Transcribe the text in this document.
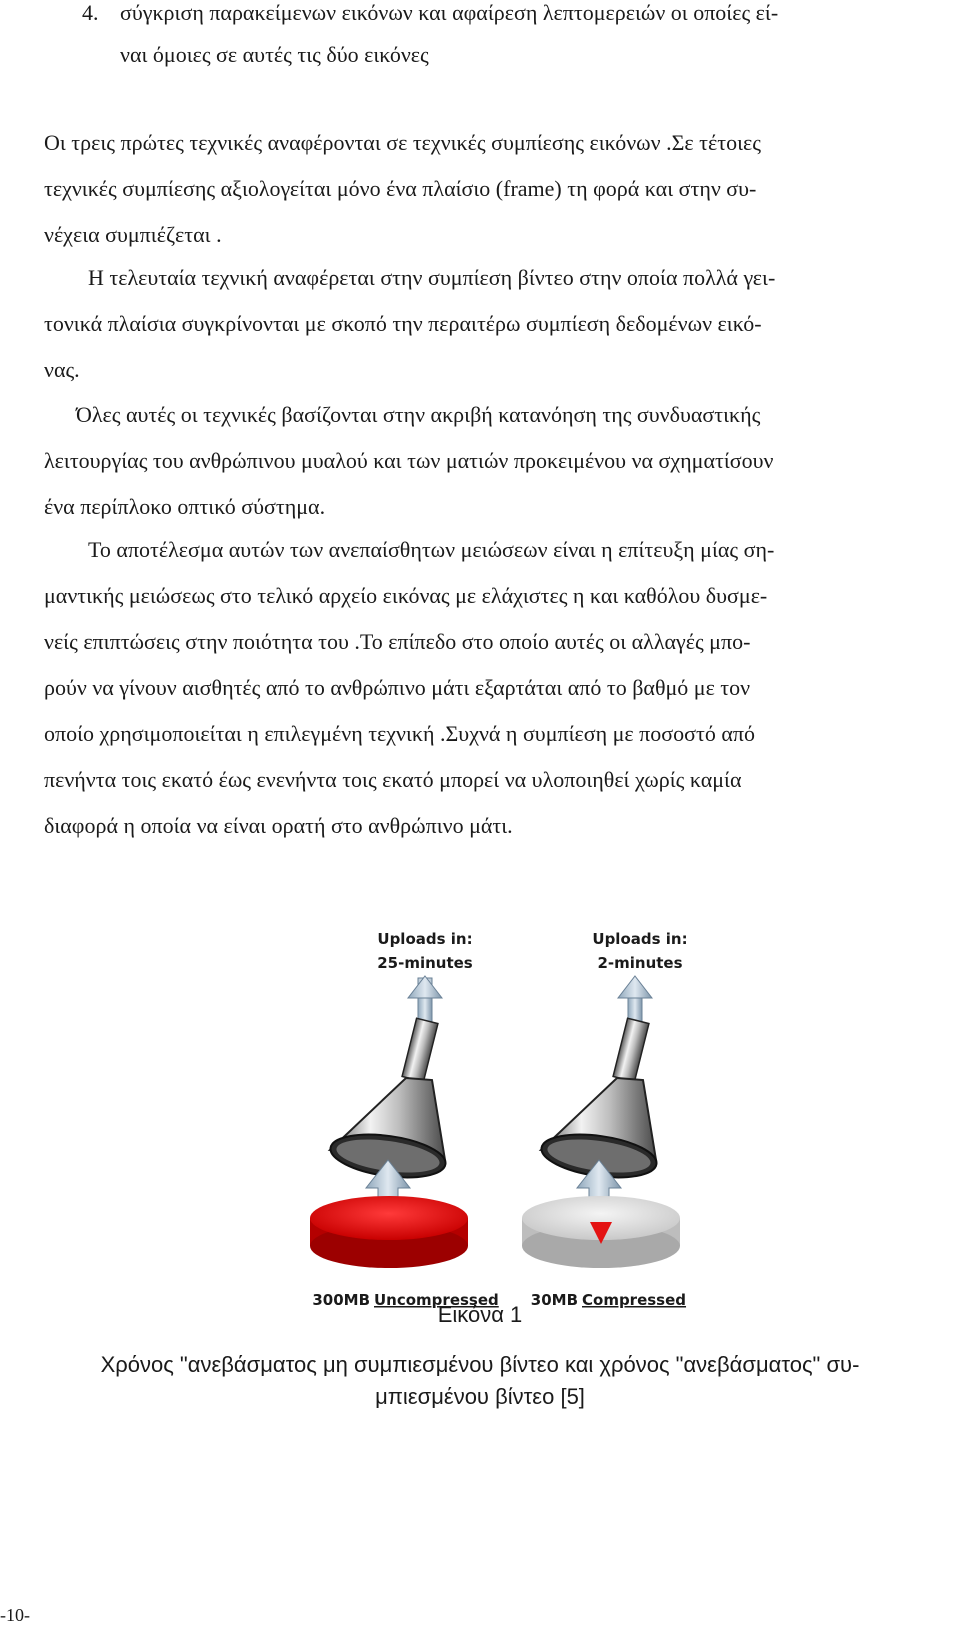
4. σύγκριση παρακείμενων εικόνων και αφαίρεση λεπτομερειών οι οποίες εί-
ναι όμοιες σε αυτές τις δύο εικόνες
Οι τρεις πρώτες τεχνικές αναφέρονται σε τεχνικές συμπίεσης εικόνων .Σε τέτοιες
τεχνικές συμπίεσης αξιολογείται μόνο ένα πλαίσιο (frame) τη φορά και στην συ-
νέχεια συμπιέζεται .
Η τελευταία τεχνική αναφέρεται στην συμπίεση βίντεο στην οποία πολλά γει-
τονικά πλαίσια συγκρίνονται με σκοπό την περαιτέρω συμπίεση δεδομένων εικό-
νας.
Όλες αυτές οι τεχνικές βασίζονται στην ακριβή κατανόηση της συνδυαστικής
λειτουργίας του ανθρώπινου μυαλού και των ματιών προκειμένου να σχηματίσουν
ένα περίπλοκο οπτικό σύστημα.
Το αποτέλεσμα αυτών των ανεπαίσθητων μειώσεων είναι η επίτευξη μίας ση-
μαντικής μειώσεως στο τελικό αρχείο εικόνας με ελάχιστες η και καθόλου δυσμε-
νείς επιπτώσεις στην ποιότητα του .Το επίπεδο στο οποίο αυτές οι αλλαγές μπο-
ρούν να γίνουν αισθητές από το ανθρώπινο μάτι εξαρτάται από το βαθμό με τον
οποίο χρησιμοποιείται η επιλεγμένη τεχνική .Συχνά η συμπίεση με ποσοστό από
πενήντα τοις εκατό έως ενενήντα τοις εκατό μπορεί να υλοποιηθεί χωρίς καμία
διαφορά η οποία να είναι ορατή στο ανθρώπινο μάτι.
Uploads in:
25-minutes
300MB Uncompressed
Uploads in:
2-minutes
30MB Compressed
Εικόνα 1
Χρόνος "ανεβάσματος μη συμπιεσμένου βίντεο και χρόνος "ανεβάσματος" συ-
μπιεσμένου βίντεο [5]
-10-
